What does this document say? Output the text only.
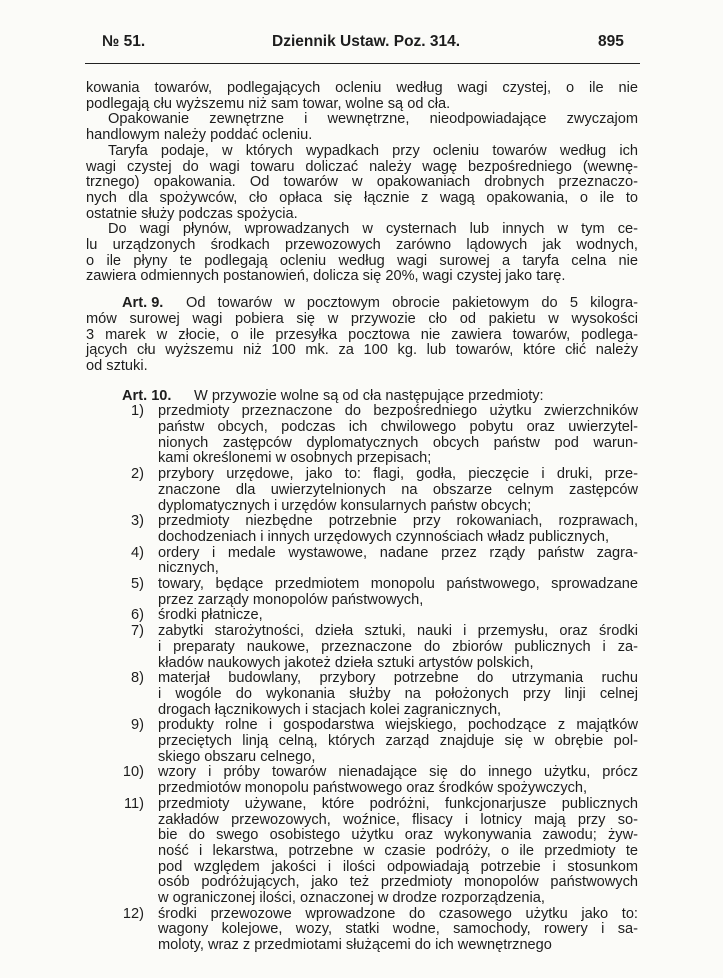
№ 51.	Dziennik Ustaw. Poz. 314.	895
kowania towarów, podlegających ocleniu według wagi czystej, o ile nie
podlegają cłu wyższemu niż sam towar, wolne są od cła.
Opakowanie zewnętrzne i wewnętrzne, nieodpowiadające zwyczajom
handlowym należy poddać ocleniu.
Taryfa podaje, w których wypadkach przy ocleniu towarów według ich
wagi czystej do wagi towaru doliczać należy wagę bezpośredniego (wewnę-
trznego) opakowania. Od towarów w opakowaniach drobnych przeznaczo-
nych dla spożywców, cło opłaca się łącznie z wagą opakowania, o ile to
ostatnie służy podczas spożycia.
Do wagi płynów, wprowadzanych w cysternach lub innych w tym ce-
lu urządzonych środkach przewozowych zarówno lądowych jak wodnych,
o ile płyny te podlegają ocleniu według wagi surowej a taryfa celna nie
zawiera odmiennych postanowień, dolicza się 20%, wagi czystej jako tarę.
Art. 9. Od towarów w pocztowym obrocie pakietowym do 5 kilogra-
mów surowej wagi pobiera się w przywozie cło od pakietu w wysokości
3 marek w złocie, o ile przesyłka pocztowa nie zawiera towarów, podlega-
jących cłu wyższemu niż 100 mk. za 100 kg. lub towarów, które cłić należy
od sztuki.
Art. 10. W przywozie wolne są od cła następujące przedmioty:
1) przedmioty przeznaczone do bezpośredniego użytku zwierzchników
państw obcych, podczas ich chwilowego pobytu oraz uwierzytel-
nionych zastępców dyplomatycznych obcych państw pod warun-
kami określonemi w osobnych przepisach;
2) przybory urzędowe, jako to: flagi, godła, pieczęcie i druki, prze-
znaczone dla uwierzytelnionych na obszarze celnym zastępców
dyplomatycznych i urzędów konsularnych państw obcych;
3) przedmioty niezbędne potrzebnie przy rokowaniach, rozprawach,
dochodzeniach i innych urzędowych czynnościach władz publicznych,
4) ordery i medale wystawowe, nadane przez rządy państw zagra-
nicznych,
5) towary, będące przedmiotem monopolu państwowego, sprowadzane
przez zarządy monopolów państwowych,
6) środki płatnicze,
7) zabytki starożytności, dzieła sztuki, nauki i przemysłu, oraz środki
i preparaty naukowe, przeznaczone do zbiorów publicznych i za-
kładów naukowych jakoteż dzieła sztuki artystów polskich,
8) materjał budowlany, przybory potrzebne do utrzymania ruchu
i wogóle do wykonania służby na położonych przy linji celnej
drogach łącznikowych i stacjach kolei zagranicznych,
9) produkty rolne i gospodarstwa wiejskiego, pochodzące z majątków
przeciętych linją celną, których zarząd znajduje się w obrębie pol-
skiego obszaru celnego,
10) wzory i próby towarów nienadające się do innego użytku, prócz
przedmiotów monopolu państwowego oraz środków spożywczych,
11) przedmioty używane, które podróżni, funkcjonarjusze publicznych
zakładów przewozowych, woźnice, flisacy i lotnicy mają przy so-
bie do swego osobistego użytku oraz wykonywania zawodu; żyw-
ność i lekarstwa, potrzebne w czasie podróży, o ile przedmioty te
pod względem jakości i ilości odpowiadają potrzebie i stosunkom
osób podróżujących, jako też przedmioty monopolów państwowych
w ograniczonej ilości, oznaczonej w drodze rozporządzenia,
12) środki przewozowe wprowadzone do czasowego użytku jako to:
wagony kolejowe, wozy, statki wodne, samochody, rowery i sa-
moloty, wraz z przedmiotami służącemi do ich wewnętrznego
